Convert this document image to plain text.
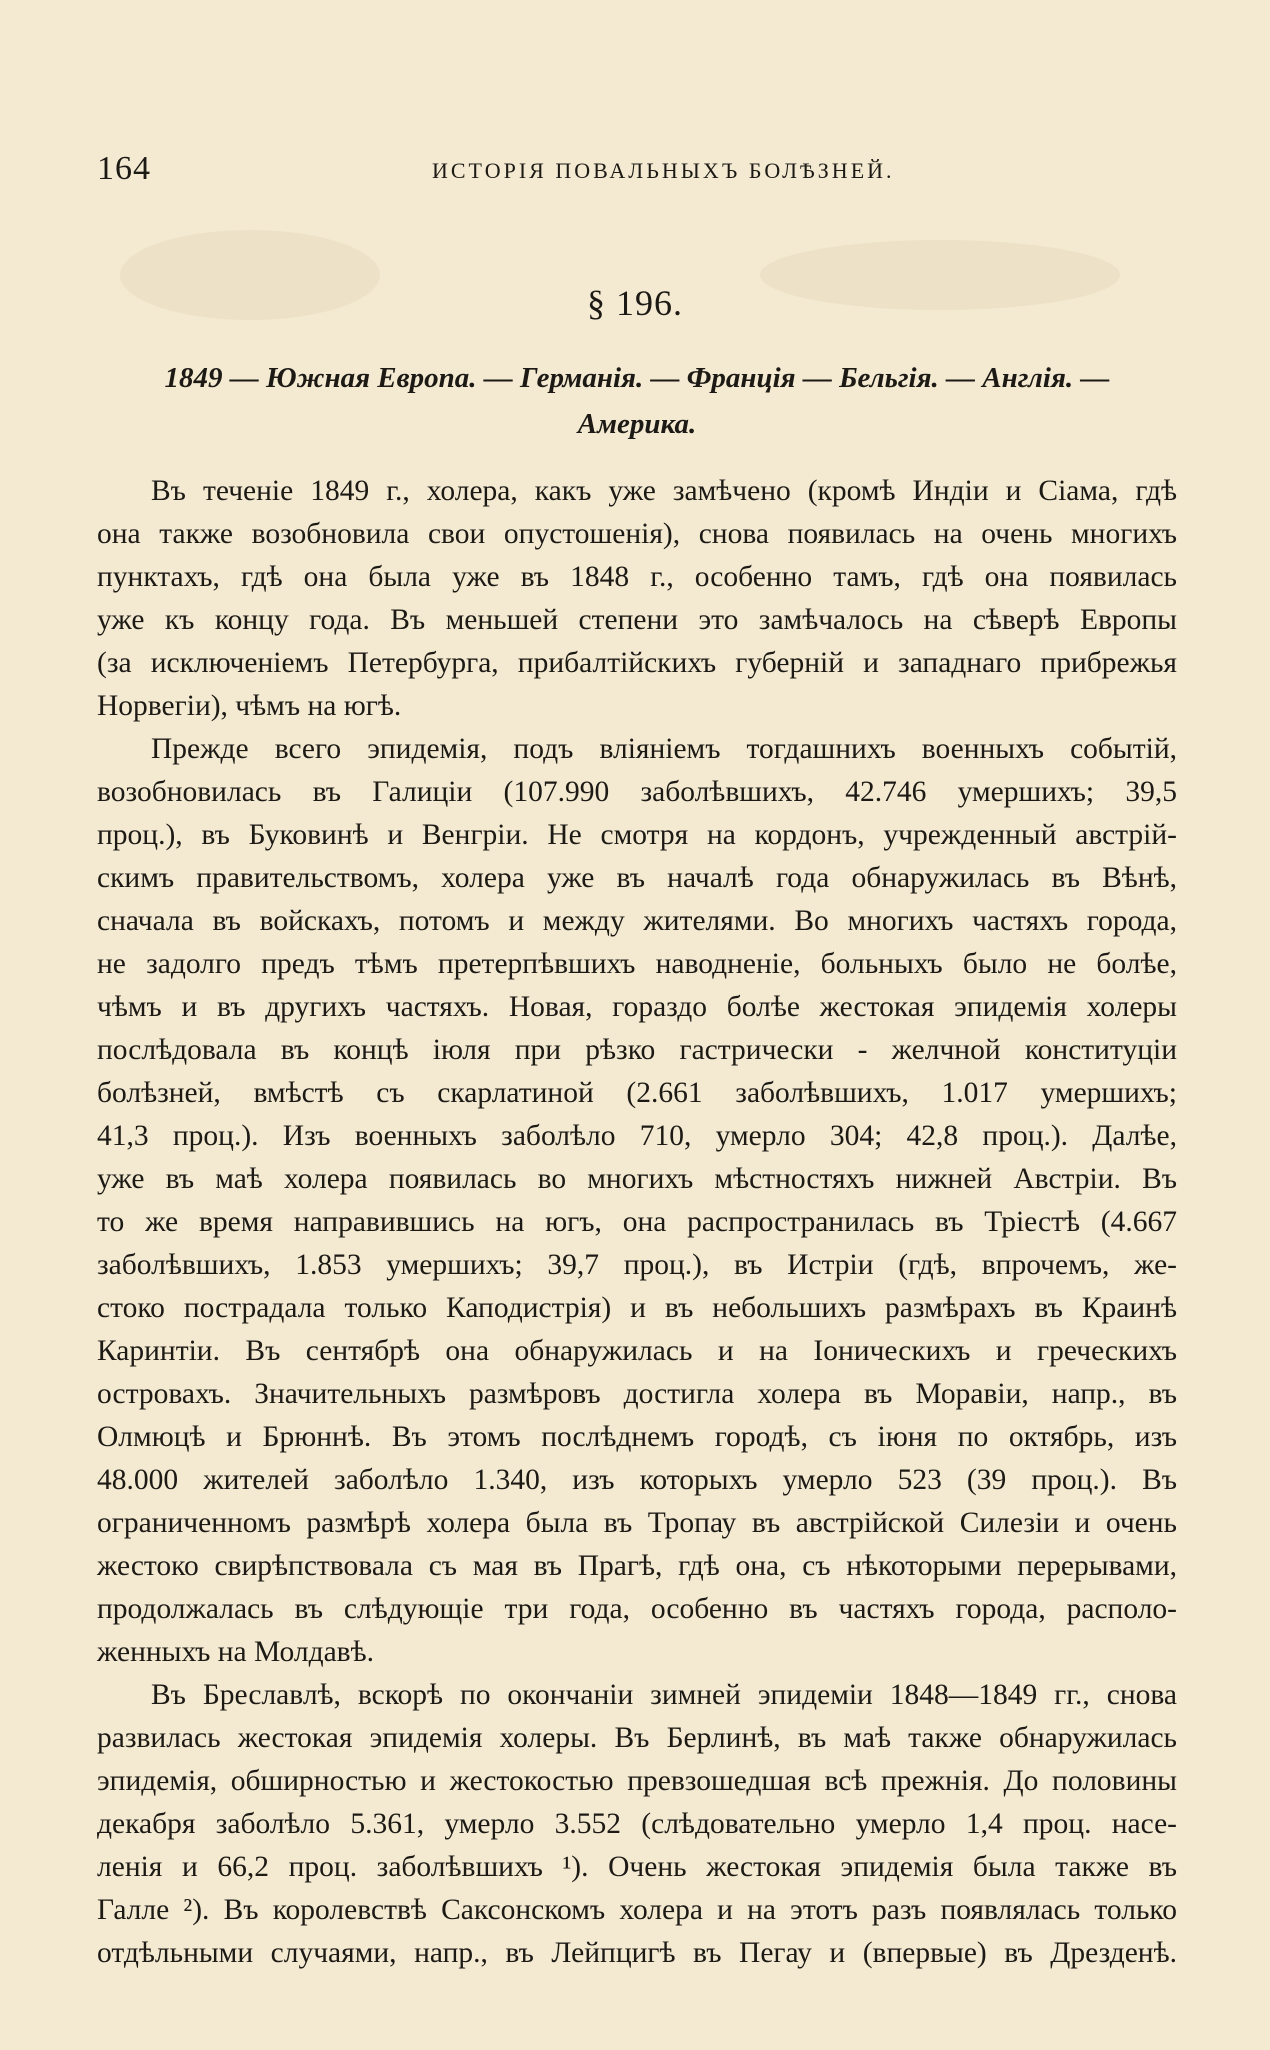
164	ИСТОРІЯ ПОВАЛЬНЫХЪ БОЛѢЗНЕЙ.
§ 196.
1849 — Южная Европа. — Германія. — Франція — Бельгія. — Англія. —
Америка.
Въ теченіе 1849 г., холера, какъ уже замѣчено (кромѣ Индіи и Сіама, гдѣ
она также возобновила свои опустошенія), снова появилась на очень многихъ
пунктахъ, гдѣ она была уже въ 1848 г., особенно тамъ, гдѣ она появилась
уже къ концу года. Въ меньшей степени это замѣчалось на сѣверѣ Европы
(за исключеніемъ Петербурга, прибалтійскихъ губерній и западнаго прибрежья
Норвегіи), чѣмъ на югѣ.
Прежде всего эпидемія, подъ вліяніемъ тогдашнихъ военныхъ событій,
возобновилась въ Галиціи (107.990 заболѣвшихъ, 42.746 умершихъ; 39,5
проц.), въ Буковинѣ и Венгріи. Не смотря на кордонъ, учрежденный австрій-
скимъ правительствомъ, холера уже въ началѣ года обнаружилась въ Вѣнѣ,
сначала въ войскахъ, потомъ и между жителями. Во многихъ частяхъ города,
не задолго предъ тѣмъ претерпѣвшихъ наводненіе, больныхъ было не болѣе,
чѣмъ и въ другихъ частяхъ. Новая, гораздо болѣе жестокая эпидемія холеры
послѣдовала въ концѣ іюля при рѣзко гастрически - желчной конституціи
болѣзней, вмѣстѣ съ скарлатиной (2.661 заболѣвшихъ, 1.017 умершихъ;
41,3 проц.). Изъ военныхъ заболѣло 710, умерло 304; 42,8 проц.). Далѣе,
уже въ маѣ холера появилась во многихъ мѣстностяхъ нижней Австріи. Въ
то же время направившись на югъ, она распространилась въ Тріестѣ (4.667
заболѣвшихъ, 1.853 умершихъ; 39,7 проц.), въ Истріи (гдѣ, впрочемъ, же-
стоко пострадала только Каподистрія) и въ небольшихъ размѣрахъ въ Краинѣ
Каринтіи. Въ сентябрѣ она обнаружилась и на Іоническихъ и греческихъ
островахъ. Значительныхъ размѣровъ достигла холера въ Моравіи, напр., въ
Олмюцѣ и Брюннѣ. Въ этомъ послѣднемъ городѣ, съ іюня по октябрь, изъ
48.000 жителей заболѣло 1.340, изъ которыхъ умерло 523 (39 проц.). Въ
ограниченномъ размѣрѣ холера была въ Тропау въ австрійской Силезіи и очень
жестоко свирѣпствовала съ мая въ Прагѣ, гдѣ она, съ нѣкоторыми перерывами,
продолжалась въ слѣдующіе три года, особенно въ частяхъ города, располо-
женныхъ на Молдавѣ.
Въ Бреславлѣ, вскорѣ по окончаніи зимней эпидеміи 1848—1849 гг., снова
развилась жестокая эпидемія холеры. Въ Берлинѣ, въ маѣ также обнаружилась
эпидемія, обширностью и жестокостью превзошедшая всѣ прежнія. До половины
декабря заболѣло 5.361, умерло 3.552 (слѣдовательно умерло 1,4 проц. насе-
ленія и 66,2 проц. заболѣвшихъ ¹). Очень жестокая эпидемія была также въ
Галле ²). Въ королевствѣ Саксонскомъ холера и на этотъ разъ появлялась только
отдѣльными случаями, напр., въ Лейпцигѣ въ Пегау и (впервые) въ Дрезденѣ.
